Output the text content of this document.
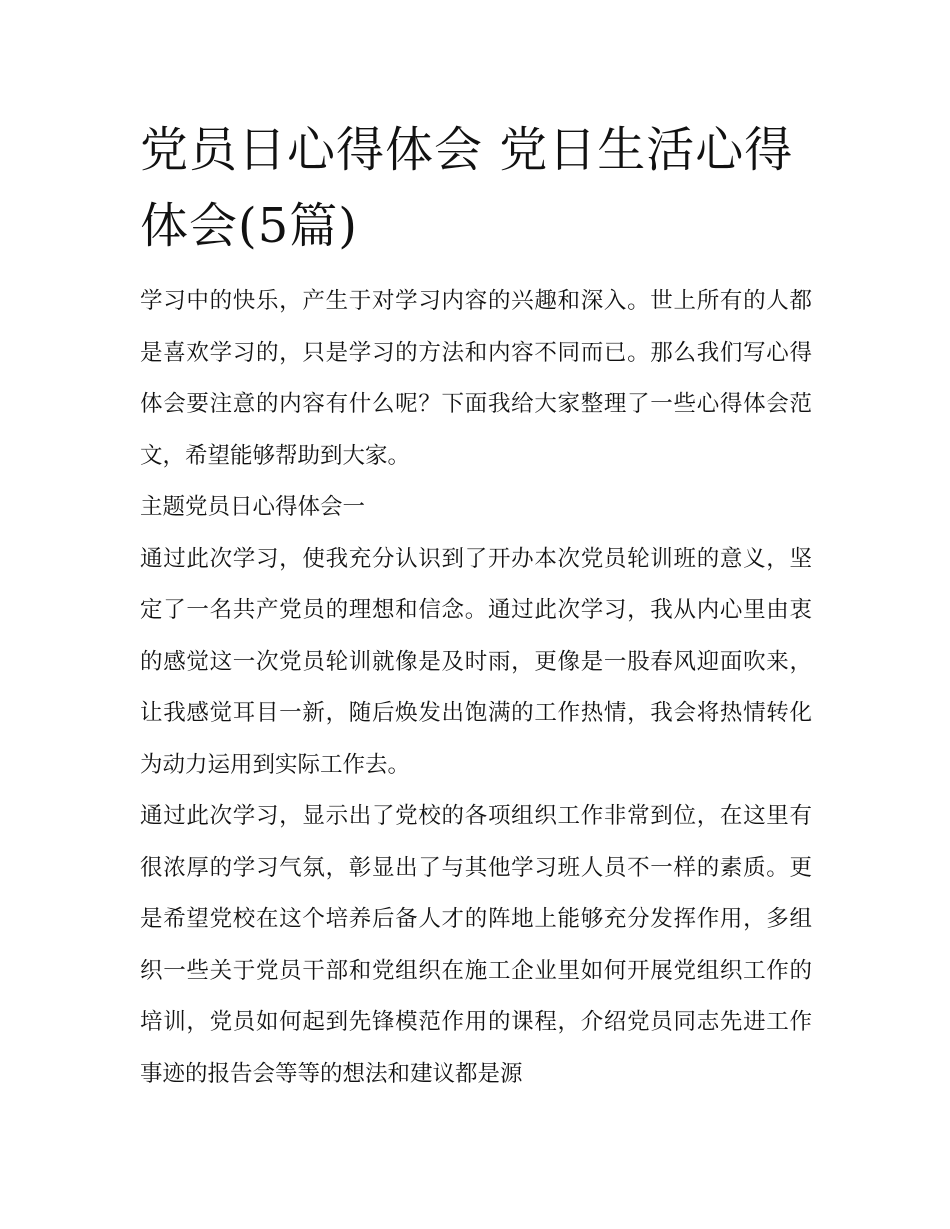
党员日心得体会 党日生活心得体会(5篇)

学习中的快乐，产生于对学习内容的兴趣和深入。世上所有的人都是喜欢学习的，只是学习的方法和内容不同而已。那么我们写心得体会要注意的内容有什么呢？下面我给大家整理了一些心得体会范文，希望能够帮助到大家。

主题党员日心得体会一

通过此次学习，使我充分认识到了开办本次党员轮训班的意义，坚定了一名共产党员的理想和信念。通过此次学习，我从内心里由衷的感觉这一次党员轮训就像是及时雨，更像是一股春风迎面吹来，让我感觉耳目一新，随后焕发出饱满的工作热情，我会将热情转化为动力运用到实际工作去。

通过此次学习，显示出了党校的各项组织工作非常到位，在这里有很浓厚的学习气氛，彰显出了与其他学习班人员不一样的素质。更是希望党校在这个培养后备人才的阵地上能够充分发挥作用，多组织一些关于党员干部和党组织在施工企业里如何开展党组织工作的培训，党员如何起到先锋模范作用的课程，介绍党员同志先进工作事迹的报告会等等的想法和建议都是源
